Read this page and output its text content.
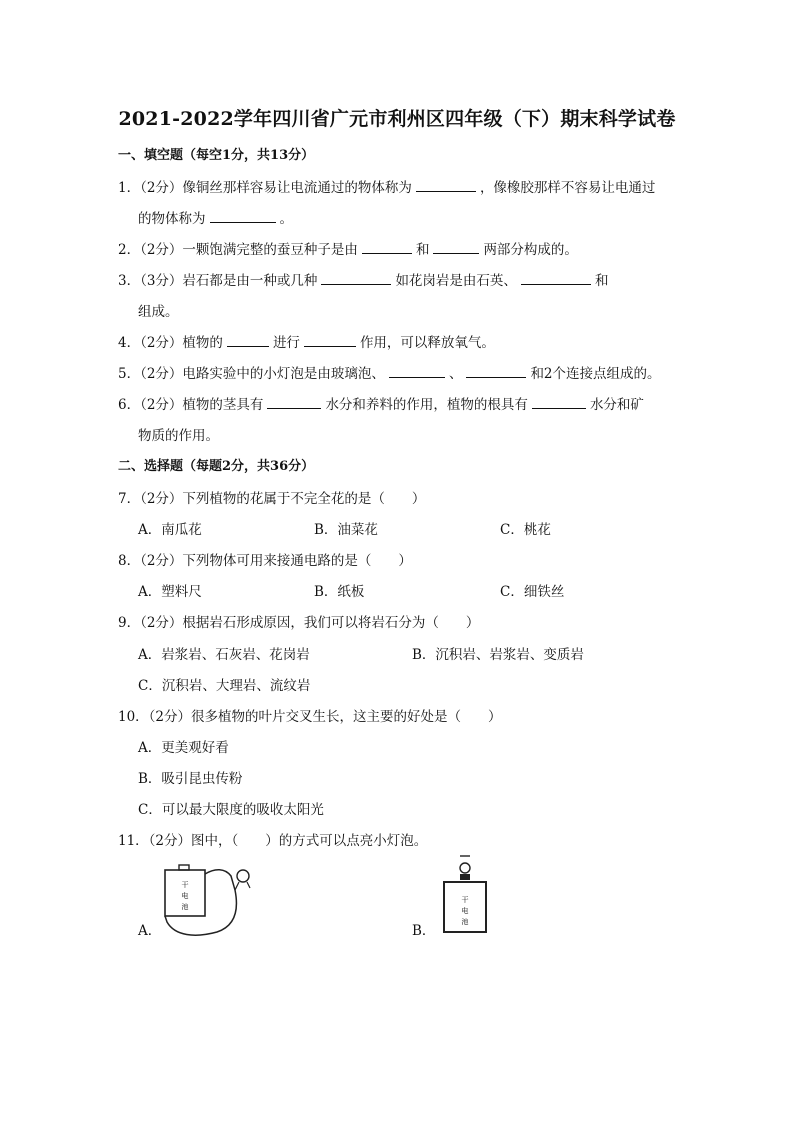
2021-2022学年四川省广元市利州区四年级（下）期末科学试卷
一、填空题（每空1分，共13分）
1．（2分）像铜丝那样容易让电流通过的物体称为	，像橡胶那样不容易让电通过
的物体称为	。
2．（2分）一颗饱满完整的蚕豆种子是由	和	两部分构成的。
3．（3分）岩石都是由一种或几种	如花岗岩是由石英、	和
组成。
4．（2分）植物的	进行	作用，可以释放氧气。
5．（2分）电路实验中的小灯泡是由玻璃泡、	、	和2个连接点组成的。
6．（2分）植物的茎具有	水分和养料的作用，植物的根具有	水分和矿
物质的作用。
二、选择题（每题2分，共36分）
7．（2分）下列植物的花属于不完全花的是（　　）
A．南瓜花	B．油菜花	C．桃花
8．（2分）下列物体可用来接通电路的是（　　）
A．塑料尺	B．纸板	C．细铁丝
9．（2分）根据岩石形成原因，我们可以将岩石分为（　　）
A．岩浆岩、石灰岩、花岗岩	B．沉积岩、岩浆岩、变质岩
C．沉积岩、大理岩、流纹岩
10．（2分）很多植物的叶片交叉生长，这主要的好处是（　　）
A．更美观好看
B．吸引昆虫传粉
C．可以最大限度的吸收太阳光
11．（2分）图中，（　　）的方式可以点亮小灯泡。
A．	B．
干
电
池
干
电
池
